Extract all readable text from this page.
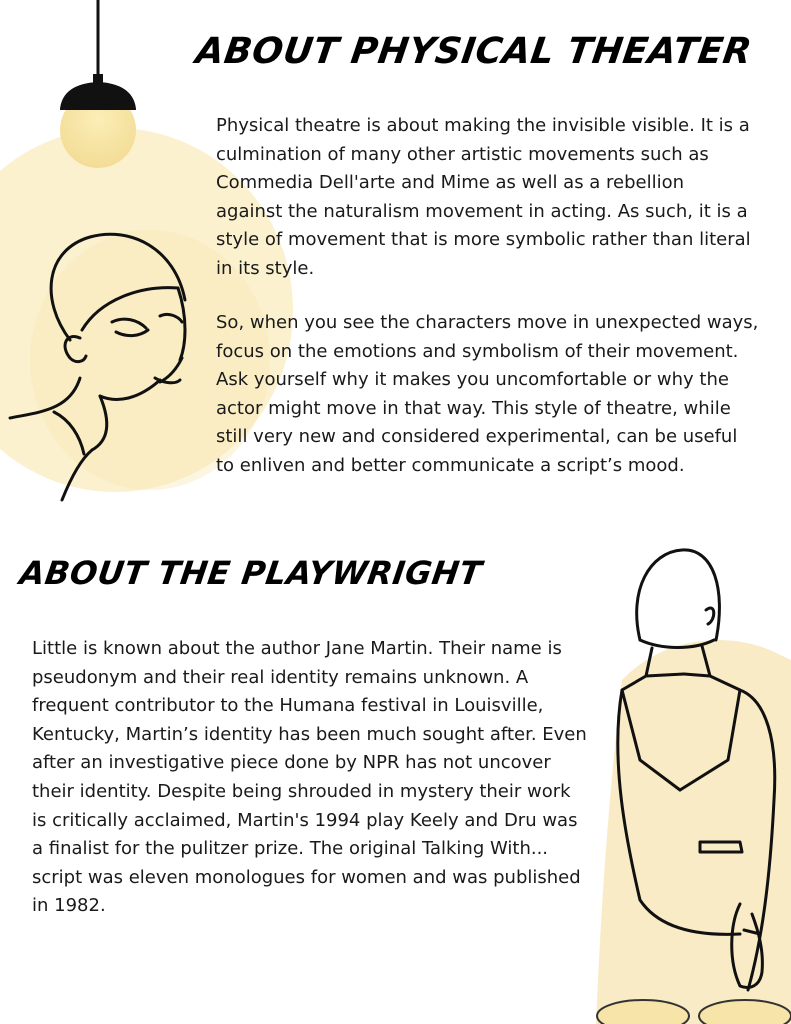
ABOUT PHYSICAL THEATER

Physical theatre is about making the invisible visible. It is a culmination of many other artistic movements such as Commedia Dell'arte and Mime as well as a rebellion against the naturalism movement in acting. As such, it is a style of movement that is more symbolic rather than literal in its style.

So, when you see the characters move in unexpected ways, focus on the emotions and symbolism of their movement. Ask yourself why it makes you uncomfortable or why the actor might move in that way. This style of theatre, while still very new and considered experimental, can be useful to enliven and better communicate a script’s mood.

ABOUT THE PLAYWRIGHT

Little is known about the author Jane Martin. Their name is pseudonym and their real identity remains unknown. A frequent contributor to the Humana festival in Louisville, Kentucky, Martin’s identity has been much sought after. Even after an investigative piece done by NPR has not uncover their identity. Despite being shrouded in mystery their work is critically acclaimed, Martin's 1994 play Keely and Dru was a finalist for the pulitzer prize. The original Talking With... script was eleven monologues for women and was published in 1982.
